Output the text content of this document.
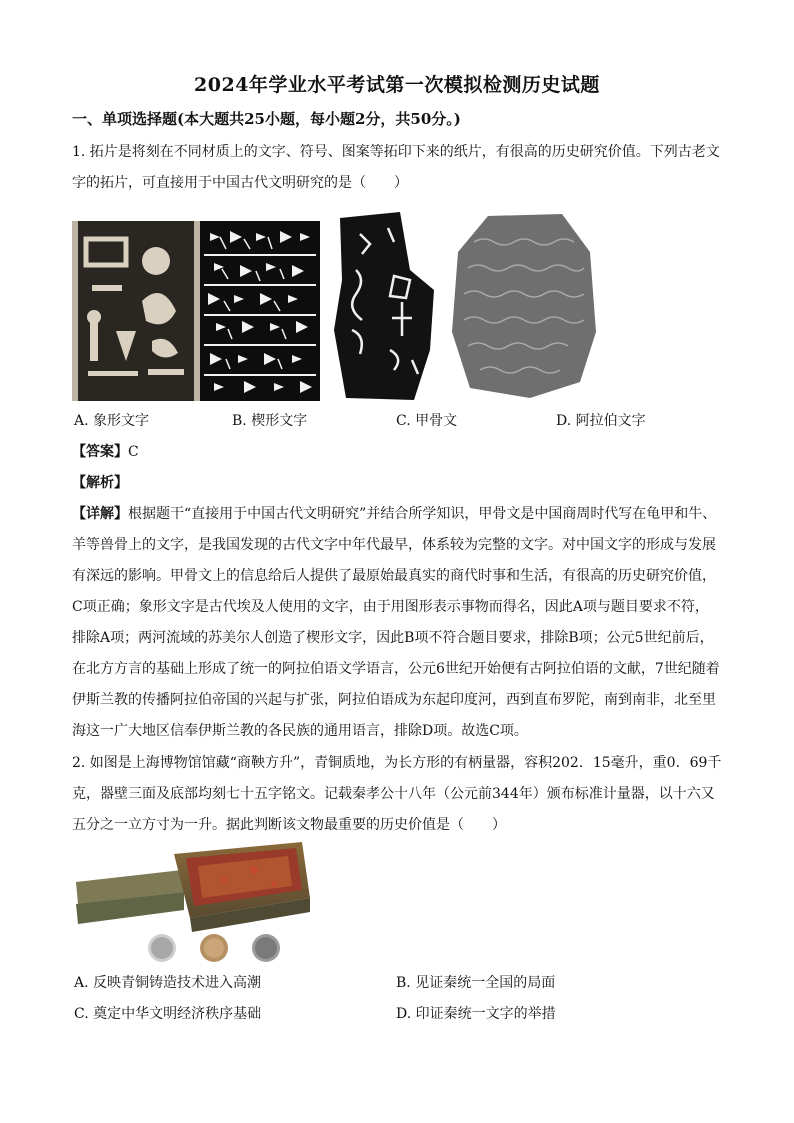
2024年学业水平考试第一次模拟检测历史试题
一、单项选择题(本大题共25小题，每小题2分，共50分。)
1. 拓片是将刻在不同材质上的文字、符号、图案等拓印下来的纸片，有很高的历史研究价值。下列古老文字的拓片，可直接用于中国古代文明研究的是（　　）
A. 象形文字	B. 楔形文字	C. 甲骨文	D. 阿拉伯文字
【答案】C
【解析】
【详解】根据题干“直接用于中国古代文明研究”并结合所学知识，甲骨文是中国商周时代写在龟甲和牛、羊等兽骨上的文字，是我国发现的古代文字中年代最早，体系较为完整的文字。对中国文字的形成与发展有深远的影响。甲骨文上的信息给后人提供了最原始最真实的商代时事和生活，有很高的历史研究价值，C项正确；象形文字是古代埃及人使用的文字，由于用图形表示事物而得名，因此A项与题目要求不符，排除A项；两河流域的苏美尔人创造了楔形文字，因此B项不符合题目要求，排除B项；公元5世纪前后，在北方方言的基础上形成了统一的阿拉伯语文学语言，公元6世纪开始便有古阿拉伯语的文献，7世纪随着伊斯兰教的传播阿拉伯帝国的兴起与扩张，阿拉伯语成为东起印度河，西到直布罗陀，南到南非，北至里海这一广大地区信奉伊斯兰教的各民族的通用语言，排除D项。故选C项。
2. 如图是上海博物馆馆藏“商鞅方升”，青铜质地，为长方形的有柄量器，容积202．15毫升，重0．69千克，器壁三面及底部均刻七十五字铭文。记载秦孝公十八年（公元前344年）颁布标准计量器，以十六又五分之一立方寸为一升。据此判断该文物最重要的历史价值是（　　）
A. 反映青铜铸造技术进入高潮	B. 见证秦统一全国的局面
C. 奠定中华文明经济秩序基础	D. 印证秦统一文字的举措
